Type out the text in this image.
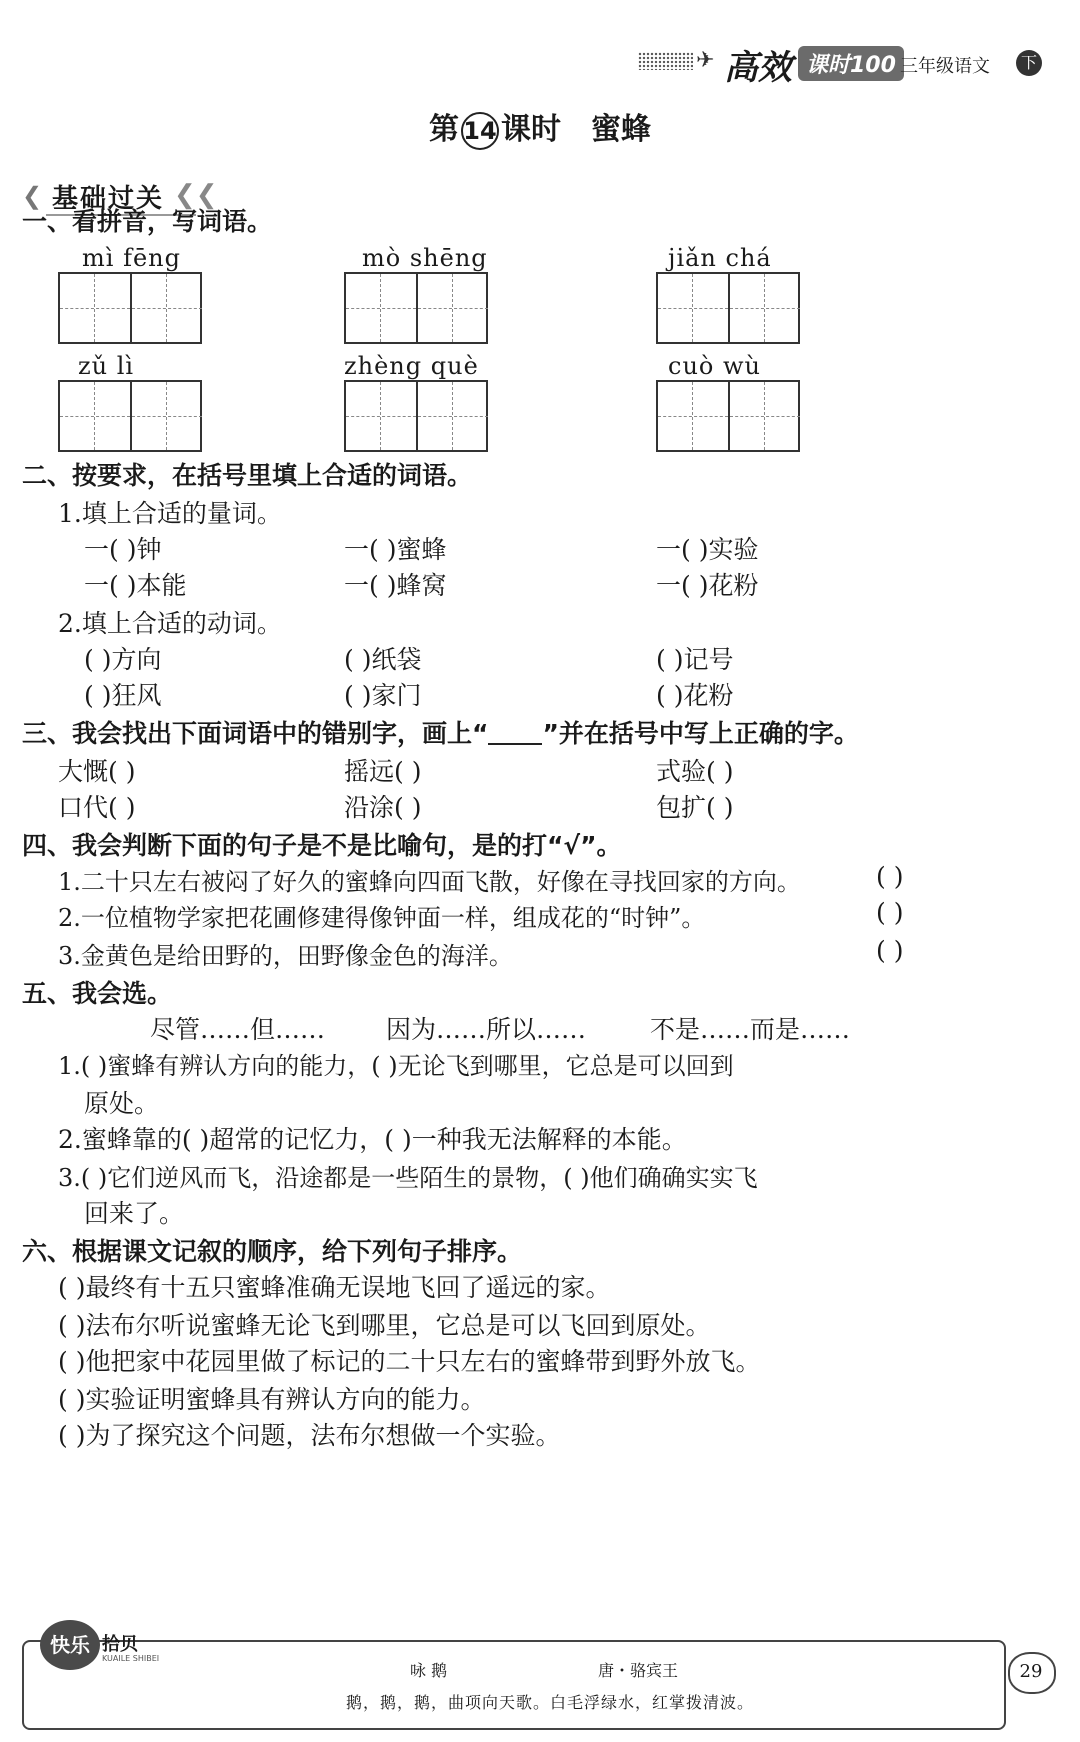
✈ 高效 课时100 三年级语文	下
第 14 课时 蜜蜂
❮ 基础过关 ❮❮
一、看拼音，写词语。
mì fēng	mò shēng	jiǎn chá
zǔ lì	zhèng què	cuò wù
二、按要求，在括号里填上合适的词语。
1.填上合适的量词。
一( )钟	一( )蜜蜂	一( )实验
一( )本能	一( )蜂窝	一( )花粉
2.填上合适的动词。
( )方向	( )纸袋	( )记号
( )狂风	( )家门	( )花粉
三、我会找出下面词语中的错别字，画上“ ”并在括号中写上正确的字。
大慨( )	摇远( )	式验( )
口代( )	沿涂( )	包扩( )
四、我会判断下面的句子是不是比喻句，是的打“√”。
1.二十只左右被闷了好久的蜜蜂向四面飞散，好像在寻找回家的方向。	( )
2.一位植物学家把花圃修建得像钟面一样，组成花的“时钟”。	( )
3.金黄色是给田野的，田野像金色的海洋。	( )
五、我会选。
尽管……但…… 因为……所以……	不是……而是……
1.( )蜜蜂有辨认方向的能力，( )无论飞到哪里，它总是可以回到
原处。
2.蜜蜂靠的( )超常的记忆力，( )一种我无法解释的本能。
3.( )它们逆风而飞，沿途都是一些陌生的景物，( )他们确确实实飞
回来了。
六、根据课文记叙的顺序，给下列句子排序。
( )最终有十五只蜜蜂准确无误地飞回了遥远的家。
( )法布尔听说蜜蜂无论飞到哪里，它总是可以飞回到原处。
( )他把家中花园里做了标记的二十只左右的蜜蜂带到野外放飞。
( )实验证明蜜蜂具有辨认方向的能力。
( )为了探究这个问题，法布尔想做一个实验。
快乐 拾贝
KUAILE SHIBEI
咏 鹅	唐・骆宾王
鹅，鹅，鹅，曲项向天歌。白毛浮绿水，红掌拨清波。
29
